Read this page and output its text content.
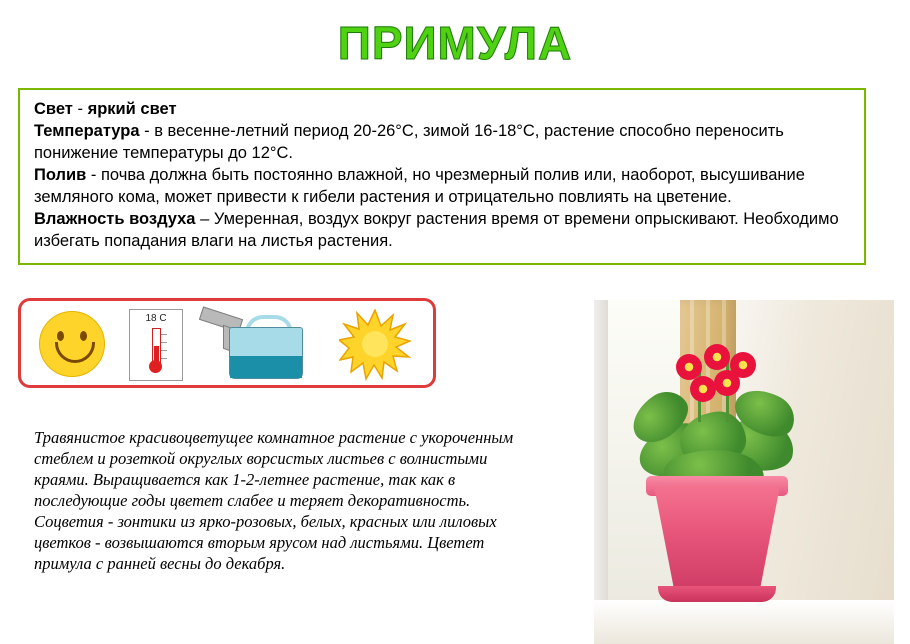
ПРИМУЛА

Свет - яркий свет

Температура - в весенне-летний период 20-26°С, зимой 16-18°С, растение способно переносить понижение температуры до 12°С.

Полив - почва должна быть постоянно влажной, но чрезмерный полив или, наоборот, высушивание земляного кома, может привести к гибели растения и отрицательно повлиять на цветение.

Влажность воздуха – Умеренная, воздух вокруг растения время от времени опрыскивают. Необходимо избегать попадания влаги на листья растения.

18 C

Травянистое красивоцветущее комнатное растение с укороченным стеблем и розеткой округлых ворсистых листьев с волнистыми краями. Выращивается как 1-2-летнее растение, так как в последующие годы цветет слабее и теряет декоративность. Соцветия - зонтики из ярко-розовых, белых, красных или лиловых цветков - возвышаются вторым ярусом над листьями. Цветет примула с ранней весны до декабря.
